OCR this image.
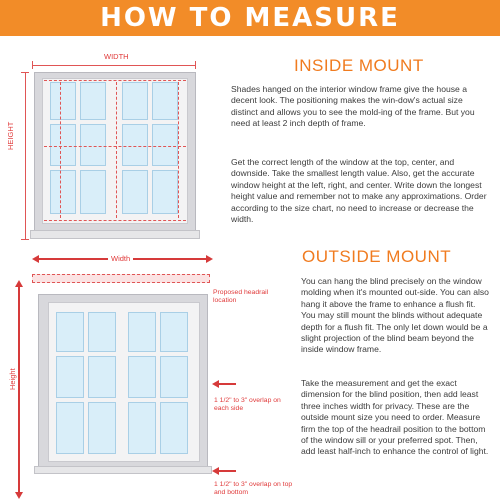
HOW TO MEASURE
WIDTH
HEIGHT
INSIDE MOUNT

Shades hanged on the interior window frame give the house a decent look. The positioning makes the win-dow's actual size distinct and allows you to see the mold-ing of the frame. But you need at least 2 inch depth of frame.

Get the correct length of the window at the top, center, and downside. Take the smallest length value. Also, get the accurate window height at the left, right, and center. Write down the longest height value and remember not to make any approximations. Order according to the size chart, no need to increase or decrease the width.

Width
Proposed headrail location
Height
1 1/2" to 3" overlap on each side
1 1/2" to 3" overlap on top and bottom
OUTSIDE MOUNT

You can hang the blind precisely on the window molding when it's mounted out-side. You can also hang it above the frame to enhance a flush fit. You may still mount the blinds without adequate depth for a flush fit. The only let down would be a slight projection of the blind beam beyond the inside window frame.

Take the measurement and get the exact dimension for the blind position, then add least three inches width for privacy. These are the outside mount size you need to order. Measure firm the top of the headrail position to the bottom of the window sill or your preferred spot. Then, add least half-inch to enhance the control of light.
